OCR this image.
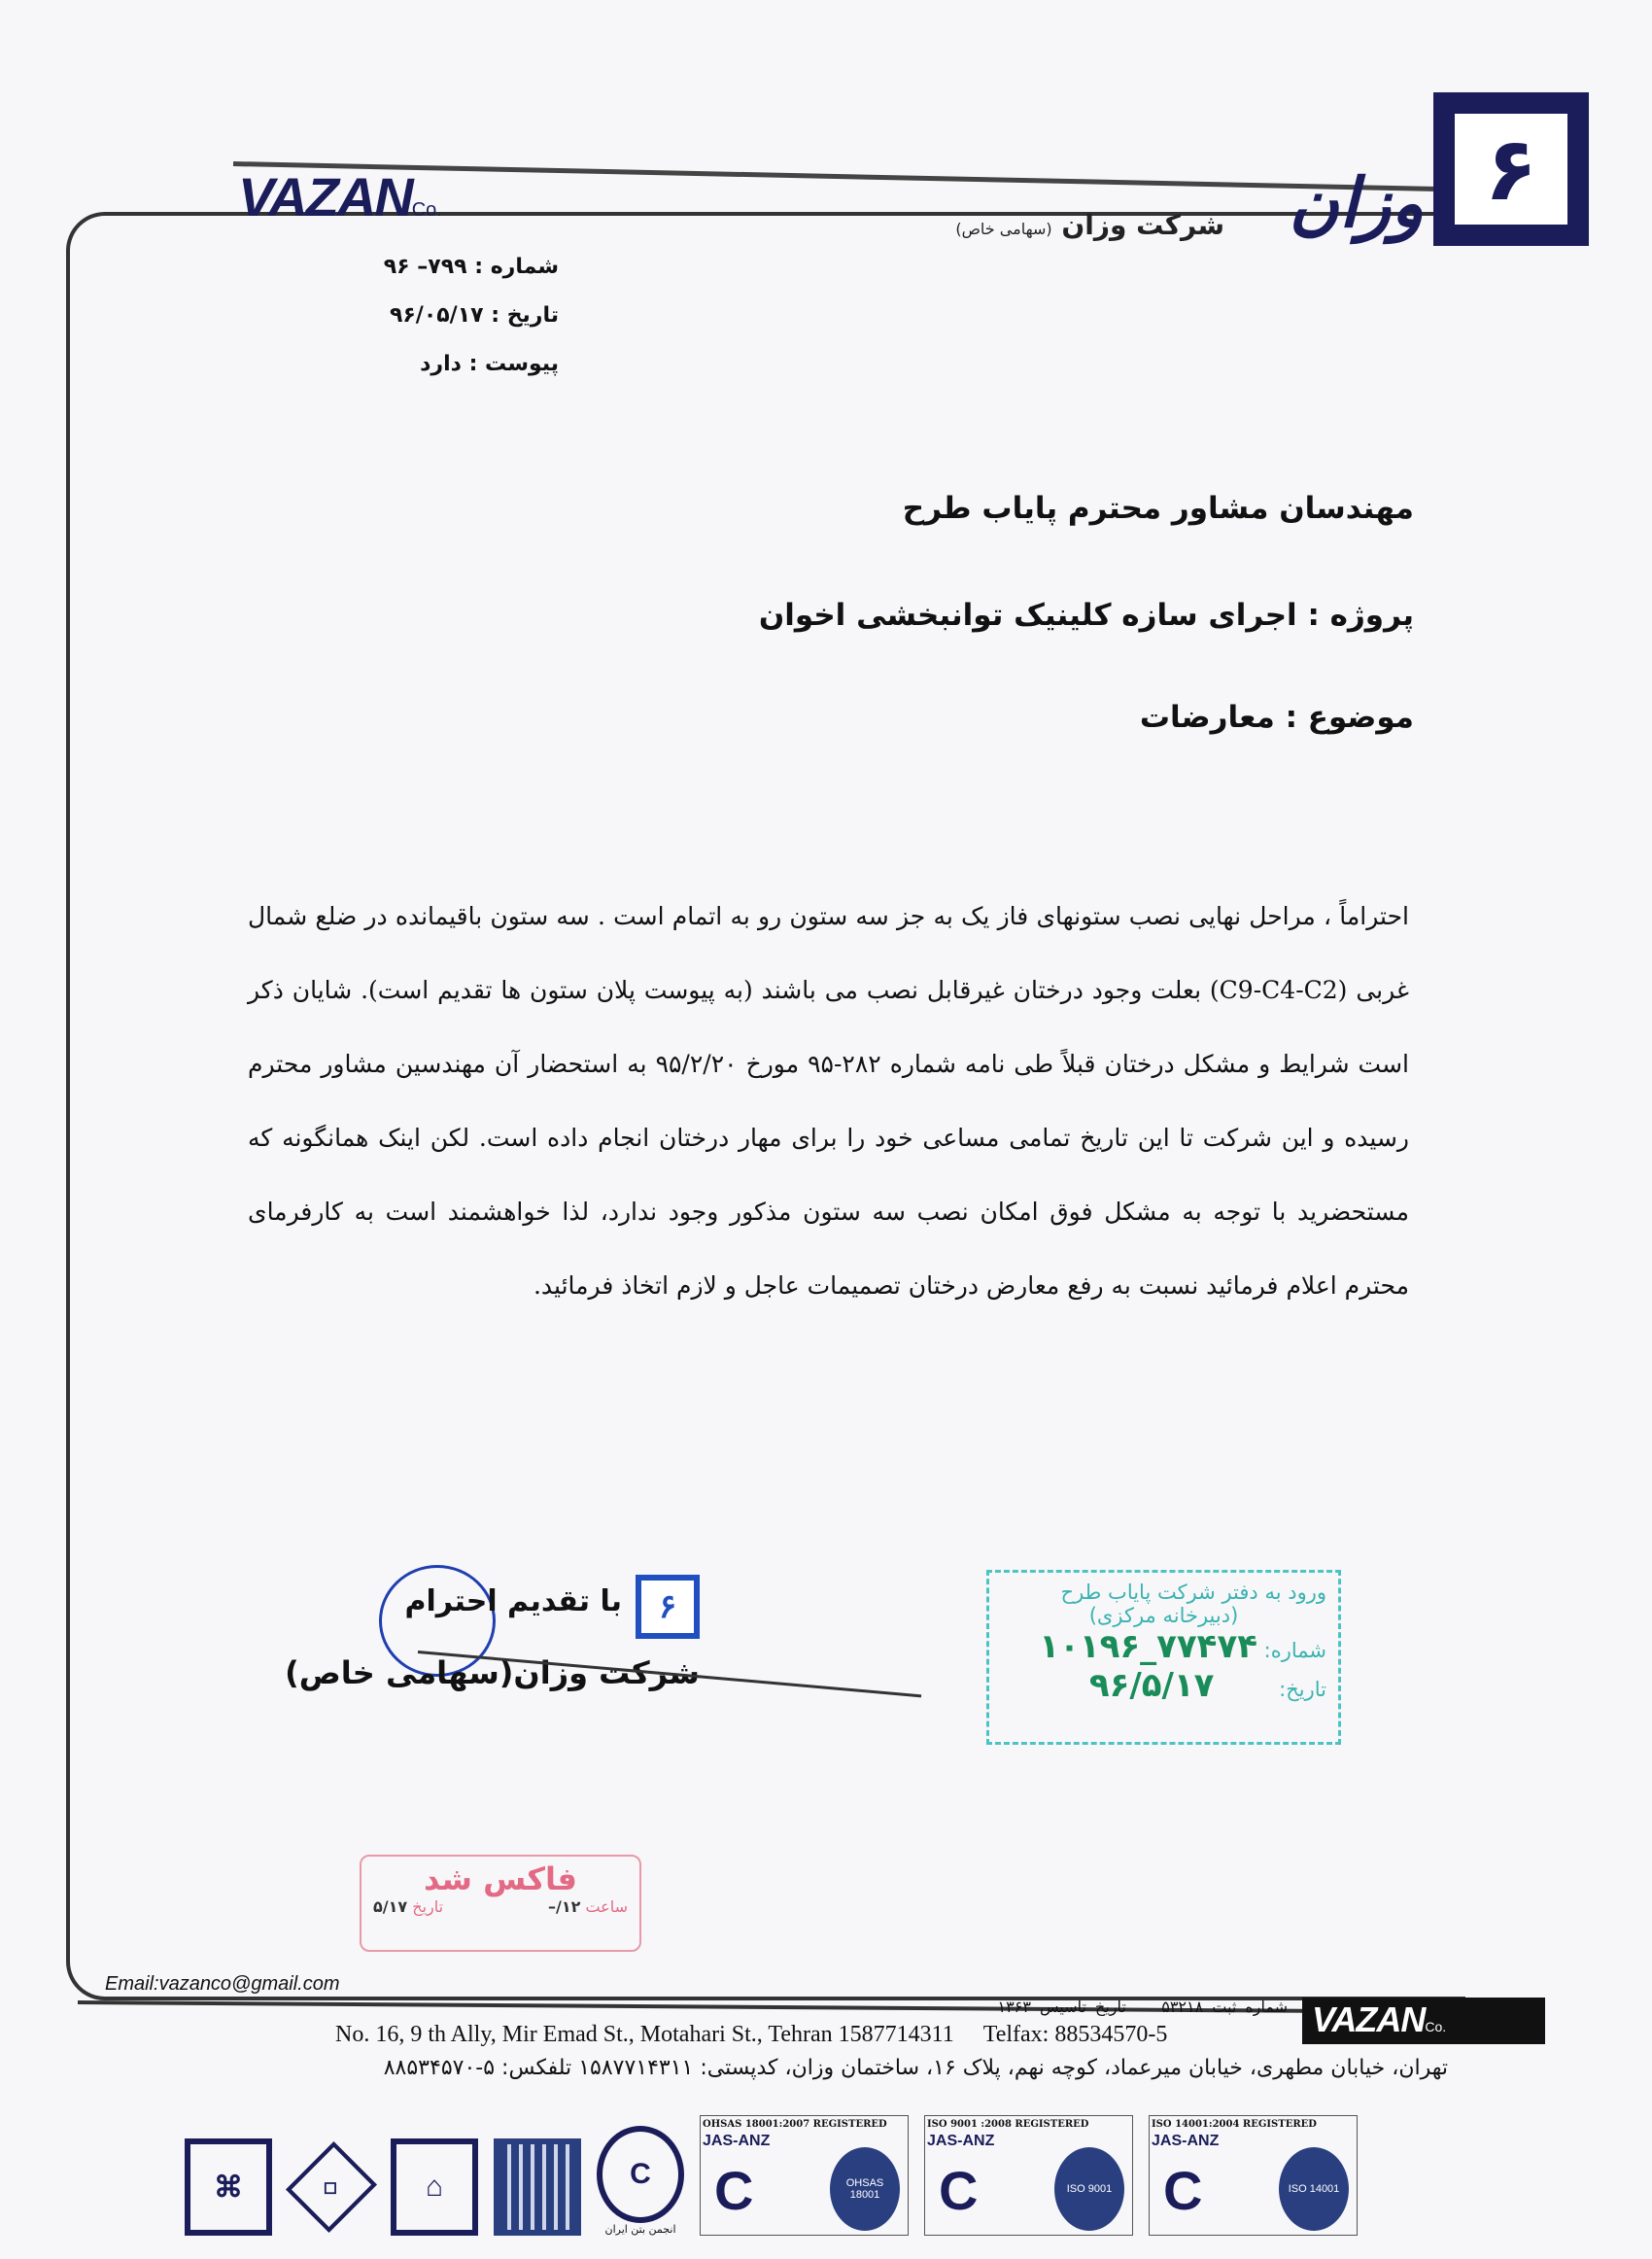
۶
وزان
VAZANCo.	شرکت وزان (سهامی خاص)
شماره : ۷۹۹– ۹۶
تاریخ : ۹۶/۰۵/۱۷
پیوست : دارد
مهندسان مشاور محترم پایاب طرح
پروژه : اجرای سازه کلینیک توانبخشی اخوان
موضوع : معارضات
احتراماً ، مراحل نهایی نصب ستونهای فاز یک به جز سه ستون رو به اتمام است . سه ستون باقیمانده در ضلع شمال غربی (C9-C4-C2) بعلت وجود درختان غیرقابل نصب می باشند (به پیوست پلان ستون ها تقدیم است). شایان ذکر است شرایط و مشکل درختان قبلاً طی نامه شماره ۲۸۲-۹۵ مورخ ۹۵/۲/۲۰ به استحضار آن مهندسین مشاور محترم رسیده و این شرکت تا این تاریخ تمامی مساعی خود را برای مهار درختان انجام داده است. لکن اینک همانگونه که مستحضرید با توجه به مشکل فوق امکان نصب سه ستون مذکور وجود ندارد، لذا خواهشمند است به کارفرمای محترم اعلام فرمائید نسبت به رفع معارض درختان تصمیمات عاجل و لازم اتخاذ فرمائید.
۶
با تقدیم احترام
شرکت وزان(سهامی خاص)
ورود به دفتر شرکت پایاب طرح
(دبیرخانه مرکزی)
شماره: ۱۰۱۹۶_۷۷۴۷۴
تاریخ: ۹۶/۵/۱۷
فاکس شد
ساعت ۱۲/–
تاریخ ۵/۱۷
Email:vazanco@gmail.com
VAZANCo.
شماره ثبت ۵۳۲۱۸    تاریخ تاسیس ۱۳۶۳
No. 16, 9 th Ally, Mir Emad St., Motahari St., Tehran 1587714311 Telfax: 88534570-5
تهران، خیابان مطهری، خیابان میرعماد، کوچه نهم، پلاک ۱۶، ساختمان وزان، کدپستی: ۱۵۸۷۷۱۴۳۱۱ تلفکس: ۵-۸۸۵۳۴۵۷۰
⌘	◇	⌂	C
انجمن بتن ایران
OHSAS 18001:2007 REGISTERED
JAS-ANZ
C	OHSAS 18001
ISO 9001 :2008 REGISTERED
JAS-ANZ
C	ISO 9001
ISO 14001:2004 REGISTERED
JAS-ANZ
C	ISO 14001
